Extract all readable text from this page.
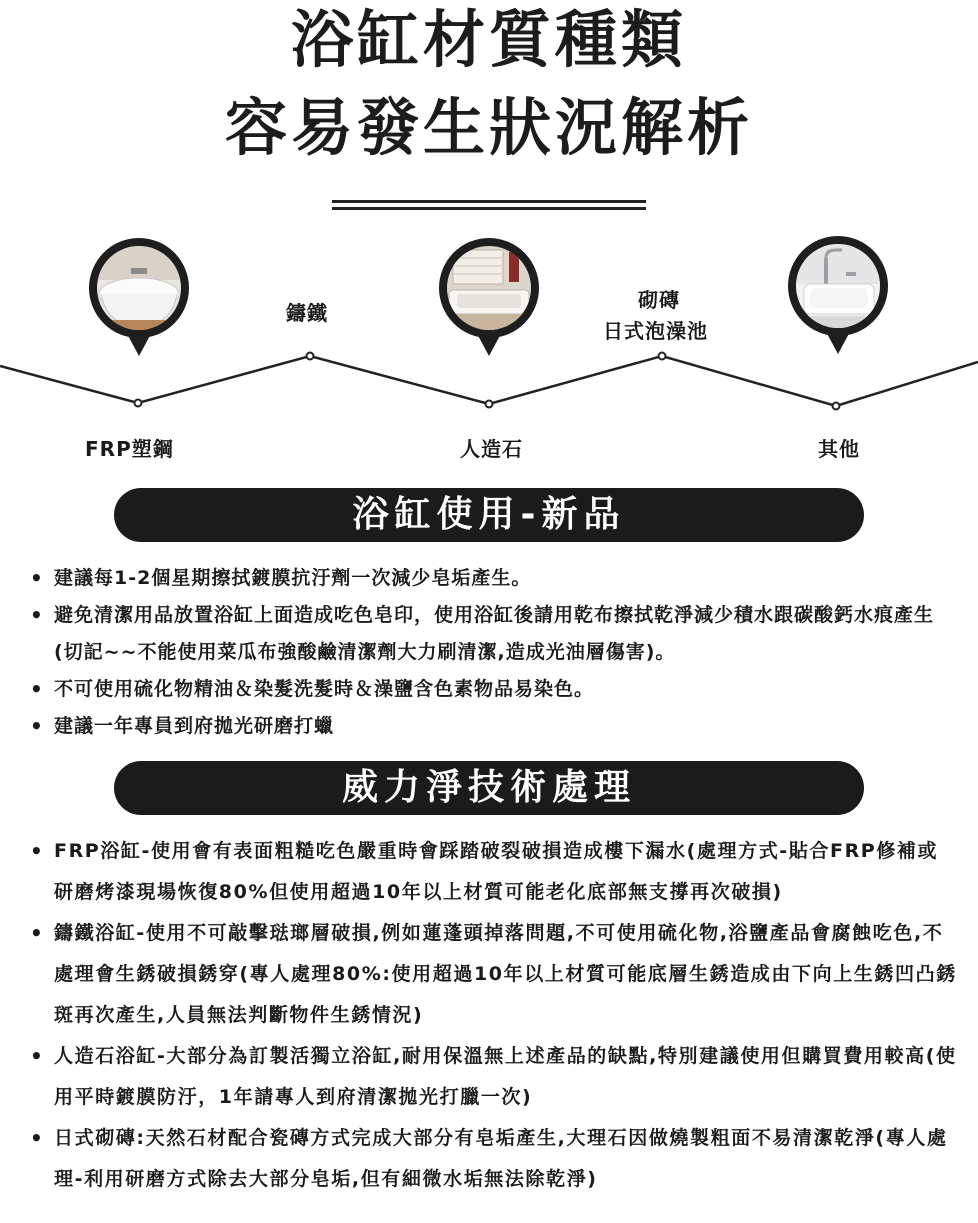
浴缸材質種類
容易發生狀況解析
鑄鐵
砌磚
日式泡澡池
FRP塑鋼	人造石	其他
浴缸使用-新品
• 建議每1-2個星期擦拭鍍膜抗汙劑一次減少皂垢產生。
• 避免清潔用品放置浴缸上面造成吃色皂印，使用浴缸後請用乾布擦拭乾淨減少積水跟碳酸鈣水痕產生(切記~~不能使用菜瓜布強酸鹼清潔劑大力刷清潔,造成光油層傷害)。
• 不可使用硫化物精油＆染髮洗髮時＆澡鹽含色素物品易染色。
• 建議一年專員到府拋光研磨打蠟
威力淨技術處理
• FRP浴缸-使用會有表面粗糙吃色嚴重時會踩踏破裂破損造成樓下漏水(處理方式-貼合FRP修補或研磨烤漆現場恢復80%但使用超過10年以上材質可能老化底部無支撐再次破損)
• 鑄鐵浴缸-使用不可敲擊琺瑯層破損,例如蓮蓬頭掉落問題,不可使用硫化物,浴鹽產品會腐蝕吃色,不處理會生銹破損銹穿(專人處理80%:使用超過10年以上材質可能底層生銹造成由下向上生銹凹凸銹斑再次產生,人員無法判斷物件生銹情況)
• 人造石浴缸-大部分為訂製活獨立浴缸,耐用保溫無上述產品的缺點,特別建議使用但購買費用較高(使用平時鍍膜防汙，1年請專人到府清潔拋光打臘一次)
• 日式砌磚:天然石材配合瓷磚方式完成大部分有皂垢產生,大理石因做燒製粗面不易清潔乾淨(專人處理-利用研磨方式除去大部分皂垢,但有細微水垢無法除乾淨)
